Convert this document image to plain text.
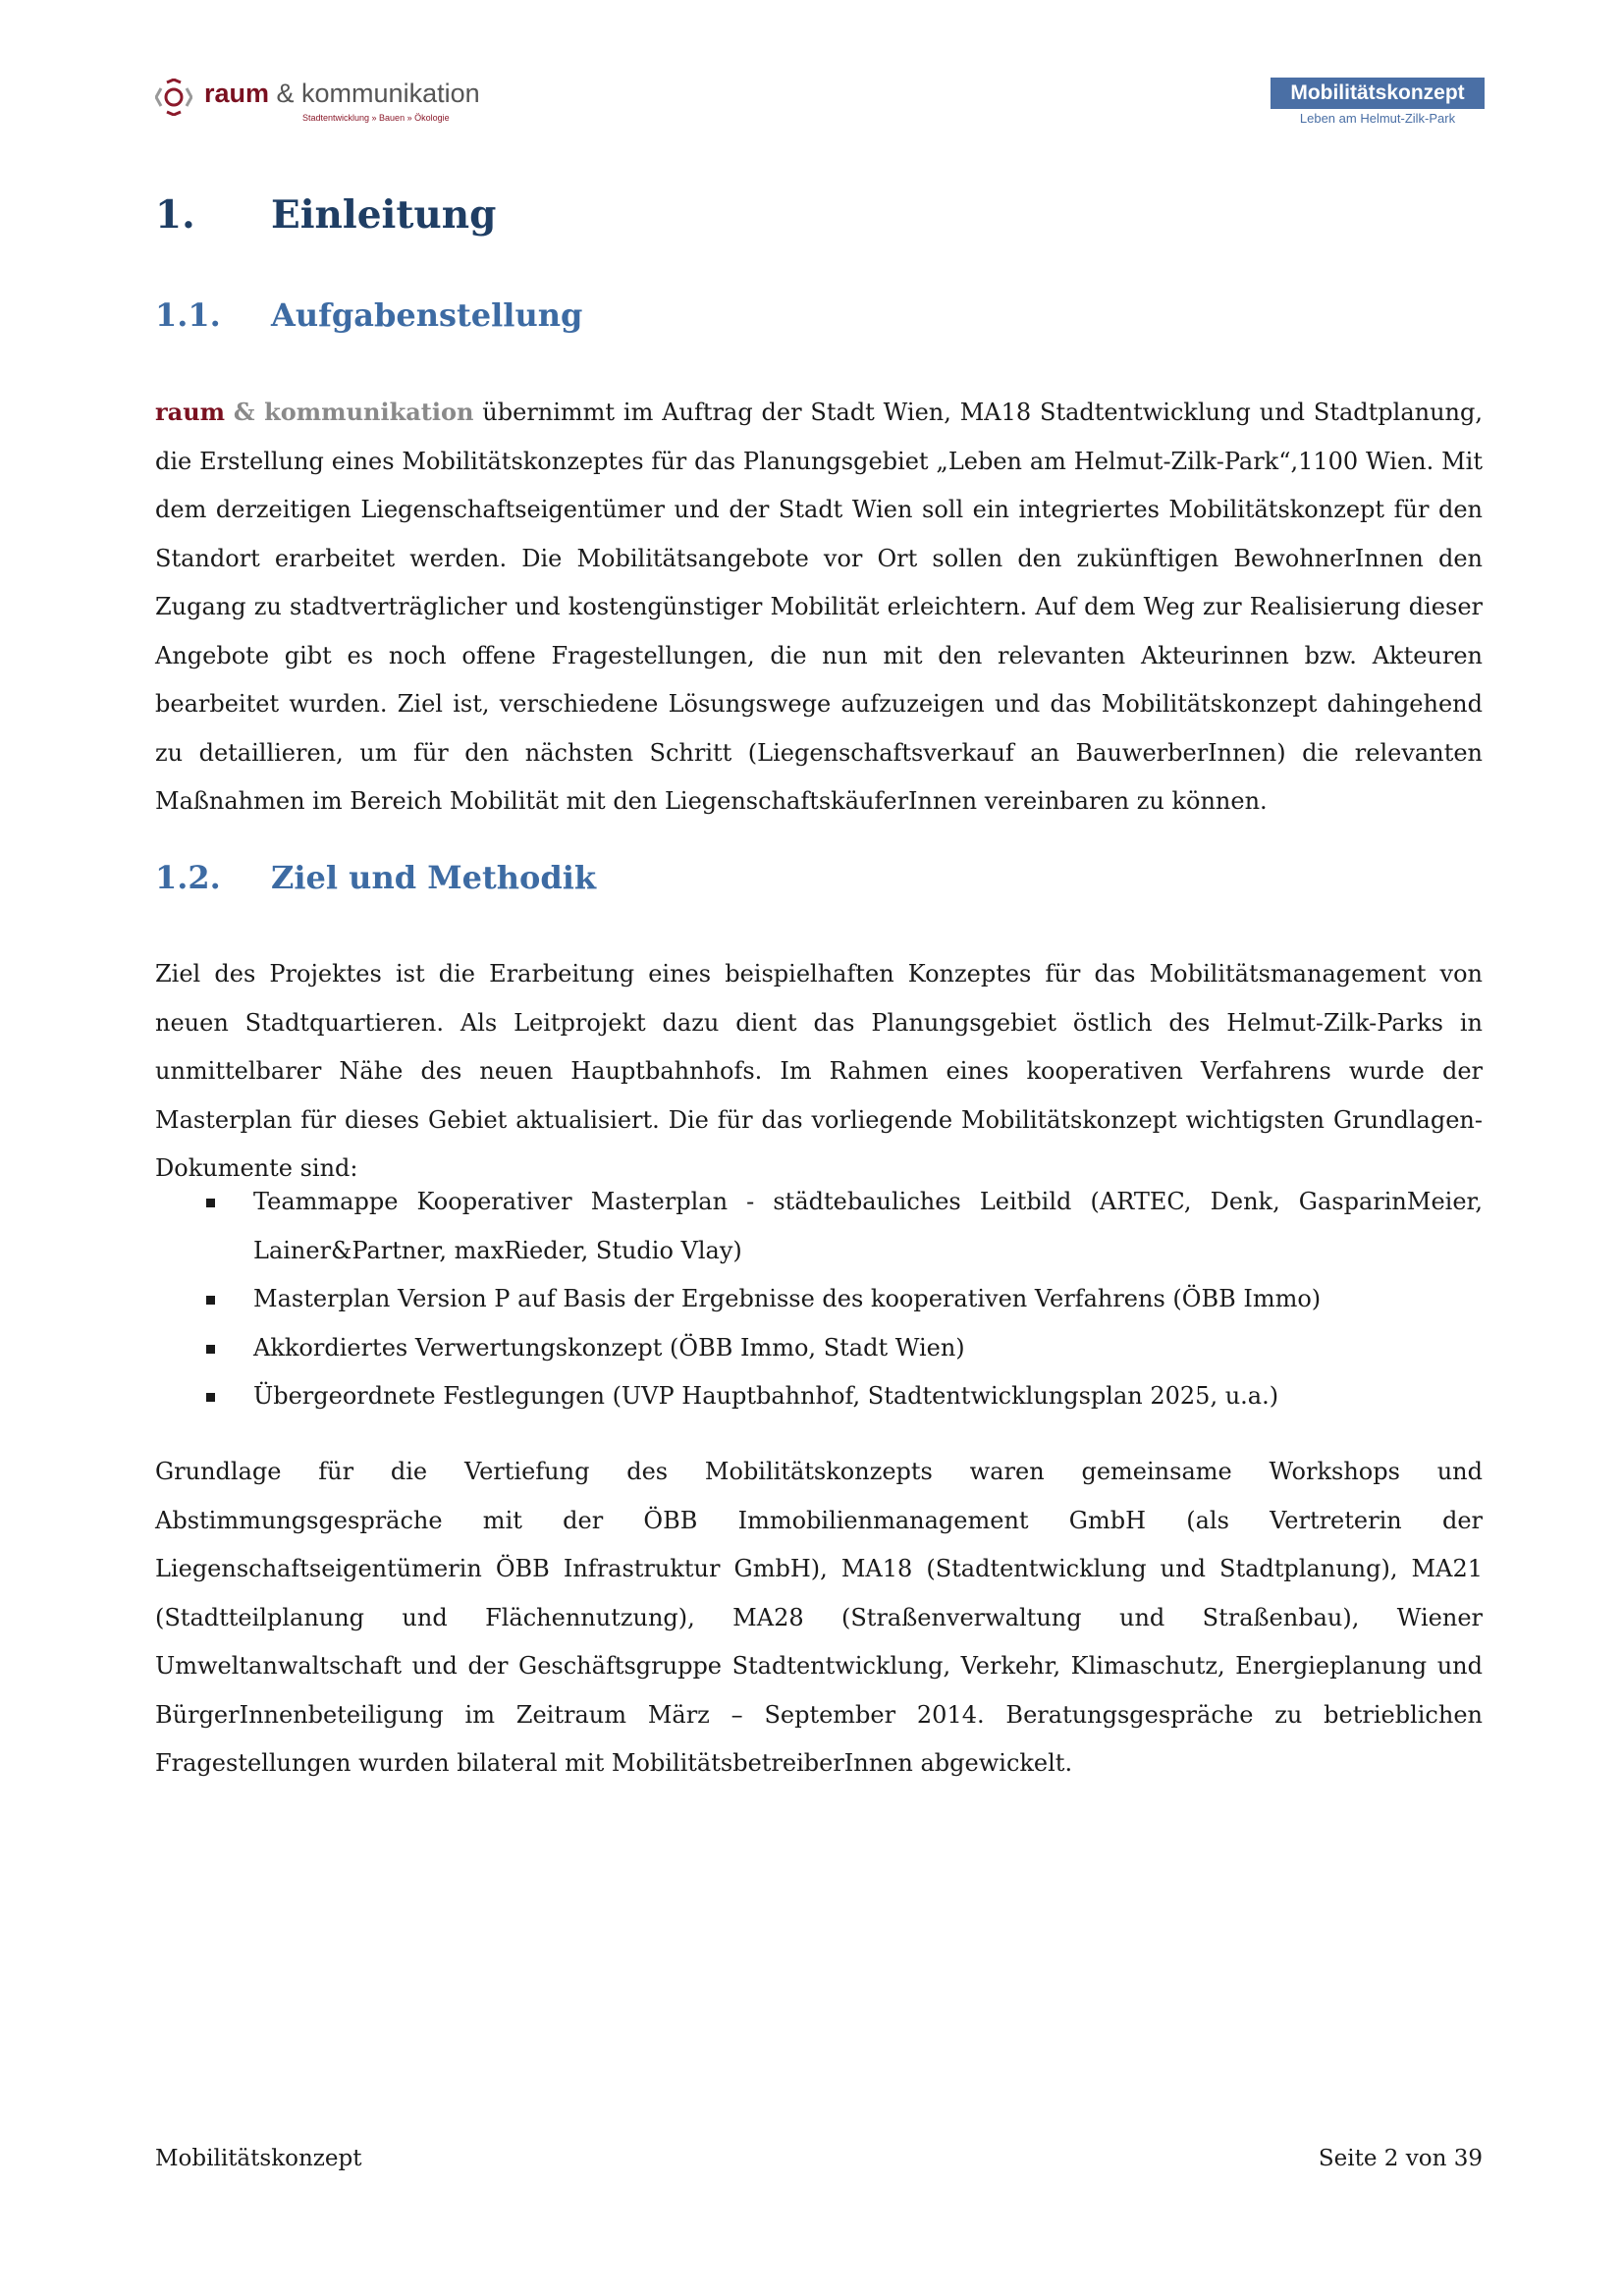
raum & kommunikation
Stadtentwicklung » Bauen » Ökologie
Mobilitätskonzept
Leben am Helmut-Zilk-Park
1. Einleitung
1.1. Aufgabenstellung

raum & kommunikation übernimmt im Auftrag der Stadt Wien, MA18 Stadtentwicklung und Stadtplanung, die Erstellung eines Mobilitätskonzeptes für das Planungsgebiet „Leben am Helmut-Zilk-Park“,1100 Wien. Mit dem derzeitigen Liegenschaftseigentümer und der Stadt Wien soll ein integriertes Mobilitätskonzept für den Standort erarbeitet werden. Die Mobilitätsangebote vor Ort sollen den zukünftigen BewohnerInnen den Zugang zu stadtverträglicher und kostengünstiger Mobilität erleichtern. Auf dem Weg zur Realisierung dieser Angebote gibt es noch offene Fragestellungen, die nun mit den relevanten Akteurinnen bzw. Akteuren bearbeitet wurden. Ziel ist, verschiedene Lösungswege aufzuzeigen und das Mobilitätskonzept dahingehend zu detaillieren, um für den nächsten Schritt (Liegenschaftsverkauf an BauwerberInnen) die relevanten Maßnahmen im Bereich Mobilität mit den LiegenschaftskäuferInnen vereinbaren zu können.

1.2. Ziel und Methodik

Ziel des Projektes ist die Erarbeitung eines beispielhaften Konzeptes für das Mobilitätsmanagement von neuen Stadtquartieren. Als Leitprojekt dazu dient das Planungsgebiet östlich des Helmut-Zilk-Parks in unmittelbarer Nähe des neuen Hauptbahnhofs. Im Rahmen eines kooperativen Verfahrens wurde der Masterplan für dieses Gebiet aktualisiert. Die für das vorliegende Mobilitätskonzept wichtigsten Grundlagen-Dokumente sind:

Teammappe Kooperativer Masterplan - städtebauliches Leitbild (ARTEC, Denk, GasparinMeier, Lainer&Partner, maxRieder, Studio Vlay)
Masterplan Version P auf Basis der Ergebnisse des kooperativen Verfahrens (ÖBB Immo)
Akkordiertes Verwertungskonzept (ÖBB Immo, Stadt Wien)
Übergeordnete Festlegungen (UVP Hauptbahnhof, Stadtentwicklungsplan 2025, u.a.)

Grundlage für die Vertiefung des Mobilitätskonzepts waren gemeinsame Workshops und Abstimmungsgespräche mit der ÖBB Immobilienmanagement GmbH (als Vertreterin der Liegenschaftseigentümerin ÖBB Infrastruktur GmbH), MA18 (Stadtentwicklung und Stadtplanung), MA21 (Stadtteilplanung und Flächennutzung), MA28 (Straßenverwaltung und Straßenbau), Wiener Umweltanwaltschaft und der Geschäftsgruppe Stadtentwicklung, Verkehr, Klimaschutz, Energieplanung und BürgerInnenbeteiligung im Zeitraum März – September 2014. Beratungsgespräche zu betrieblichen Fragestellungen wurden bilateral mit MobilitätsbetreiberInnen abgewickelt.

Mobilitätskonzept	Seite 2 von 39
